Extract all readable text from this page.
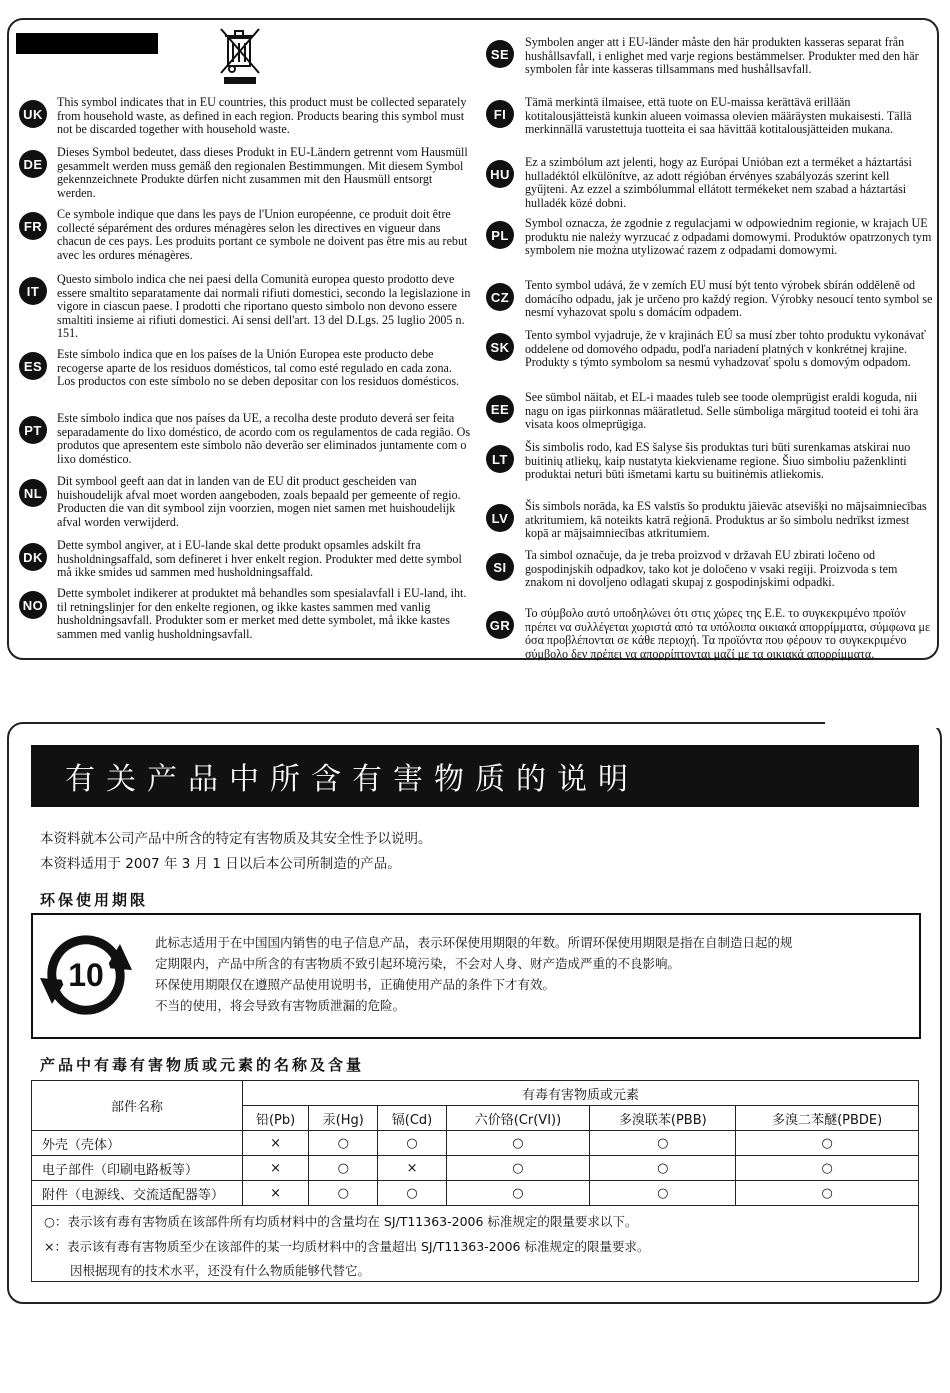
UK
This symbol indicates that in EU countries, this product must be collected separately from household waste, as defined in each region. Products bearing this symbol must not be discarded together with household waste.
DE
Dieses Symbol bedeutet, dass dieses Produkt in EU-Ländern getrennt vom Hausmüll gesammelt werden muss gemäß den regionalen Bestimmungen. Mit diesem Symbol gekennzeichnete Produkte dürfen nicht zusammen mit den Hausmüll entsorgt werden.
FR
Ce symbole indique que dans les pays de l'Union européenne, ce produit doit être collecté séparément des ordures ménagères selon les directives en vigueur dans chacun de ces pays. Les produits portant ce symbole ne doivent pas être mis au rebut avec les ordures ménagères.
IT
Questo simbolo indica che nei paesi della Comunità europea questo prodotto deve essere smaltito separatamente dai normali rifiuti domestici, secondo la legislazione in vigore in ciascun paese. I prodotti che riportano questo simbolo non devono essere smaltiti insieme ai rifiuti domestici. Ai sensi dell'art. 13 del D.Lgs. 25 luglio 2005 n. 151.
ES
Este símbolo indica que en los países de la Unión Europea este producto debe recogerse aparte de los residuos domésticos, tal como esté regulado en cada zona. Los productos con este símbolo no se deben depositar con los residuos domésticos.
PT
Este símbolo indica que nos países da UE, a recolha deste produto deverá ser feita separadamente do lixo doméstico, de acordo com os regulamentos de cada região. Os produtos que apresentem este símbolo não deverão ser eliminados juntamente com o lixo doméstico.
NL
Dit symbool geeft aan dat in landen van de EU dit product gescheiden van huishoudelijk afval moet worden aangeboden, zoals bepaald per gemeente of regio. Producten die van dit symbool zijn voorzien, mogen niet samen met huishoudelijk afval worden verwijderd.
DK
Dette symbol angiver, at i EU-lande skal dette produkt opsamles adskilt fra husholdningsaffald, som defineret i hver enkelt region. Produkter med dette symbol må ikke smides ud sammen med husholdningsaffald.
NO
Dette symbolet indikerer at produktet må behandles som spesialavfall i EU-land, iht. til retningslinjer for den enkelte regionen, og ikke kastes sammen med vanlig husholdningsavfall. Produkter som er merket med dette symbolet, må ikke kastes sammen med vanlig husholdningsavfall.
SE
Symbolen anger att i EU-länder måste den här produkten kasseras separat från hushållsavfall, i enlighet med varje regions bestämmelser. Produkter med den här symbolen får inte kasseras tillsammans med hushållsavfall.
FI
Tämä merkintä ilmaisee, että tuote on EU-maissa kerättävä erillään kotitalousjätteistä kunkin alueen voimassa olevien määräysten mukaisesti. Tällä merkinnällä varustettuja tuotteita ei saa hävittää kotitalousjätteiden mukana.
HU
Ez a szimbólum azt jelenti, hogy az Európai Unióban ezt a terméket a háztartási hulladéktól elkülönítve, az adott régióban érvényes szabályozás szerint kell gyűjteni. Az ezzel a szimbólummal ellátott termékeket nem szabad a háztartási hulladék közé dobni.
PL
Symbol oznacza, że zgodnie z regulacjami w odpowiednim regionie, w krajach UE produktu nie należy wyrzucać z odpadami domowymi. Produktów opatrzonych tym symbolem nie można utylizować razem z odpadami domowymi.
CZ
Tento symbol udává, že v zemích EU musí být tento výrobek sbírán odděleně od domácího odpadu, jak je určeno pro každý region. Výrobky nesoucí tento symbol se nesmí vyhazovat spolu s domácím odpadem.
SK
Tento symbol vyjadruje, že v krajinách EÚ sa musí zber tohto produktu vykonávať oddelene od domového odpadu, podľa nariadení platných v konkrétnej krajine. Produkty s týmto symbolom sa nesmú vyhadzovať spolu s domovým odpadom.
EE
See sümbol näitab, et EL-i maades tuleb see toode olemprügist eraldi koguda, nii nagu on igas piirkonnas määratletud. Selle sümboliga märgitud tooteid ei tohi ära visata koos olmeprügiga.
LT
Šis simbolis rodo, kad ES šalyse šis produktas turi būti surenkamas atskirai nuo buitinių atliekų, kaip nustatyta kiekviename regione. Šiuo simboliu paženklinti produktai neturi būti išmetami kartu su buitinėmis atliekomis.
LV
Šis simbols norāda, ka ES valstīs šo produktu jāievāc atsevišķi no mājsaimniecības atkritumiem, kā noteikts katrā reģionā. Produktus ar šo simbolu nedrīkst izmest kopā ar mājsaimniecības atkritumiem.
SI
Ta simbol označuje, da je treba proizvod v državah EU zbirati ločeno od gospodinjskih odpadkov, tako kot je določeno v vsaki regiji. Proizvoda s tem znakom ni dovoljeno odlagati skupaj z gospodinjskimi odpadki.
GR
Το σύμβολο αυτό υποδηλώνει ότι στις χώρες της Ε.Ε. το συγκεκριμένο προϊόν πρέπει να συλλέγεται χωριστά από τα υπόλοιπα οικιακά απορρίμματα, σύμφωνα με όσα προβλέπονται σε κάθε περιοχή. Τα προϊόντα που φέρουν το συγκεκριμένο σύμβολο δεν πρέπει να απορρίπτονται μαζί με τα οικιακά απορρίμματα.
有关产品中所含有害物质的说明
本资料就本公司产品中所含的特定有害物质及其安全性予以说明。
本资料适用于 2007 年 3 月 1 日以后本公司所制造的产品。
环保使用期限
10
此标志适用于在中国国内销售的电子信息产品，表示环保使用期限的年数。所谓环保使用期限是指在自制造日起的规
定期限内，产品中所含的有害物质不致引起环境污染，不会对人身、财产造成严重的不良影响。
环保使用期限仅在遵照产品使用说明书，正确使用产品的条件下才有效。
不当的使用，将会导致有害物质泄漏的危险。
产品中有毒有害物质或元素的名称及含量
部件名称	有毒有害物质或元素					
	铅(Pb)	汞(Hg)	镉(Cd)	六价铬(Cr(VI))	多溴联苯(PBB)	多溴二苯醚(PBDE)
外壳（壳体）	×	○	○	○	○	○
电子部件（印刷电路板等）	×	○	×	○	○	○
附件（电源线、交流适配器等）	×	○	○	○	○	○
○：表示该有毒有害物质在该部件所有均质材料中的含量均在 SJ/T11363-2006 标准规定的限量要求以下。
×：表示该有毒有害物质至少在该部件的某一均质材料中的含量超出 SJ/T11363-2006 标准规定的限量要求。
因根据现有的技术水平，还没有什么物质能够代替它。
